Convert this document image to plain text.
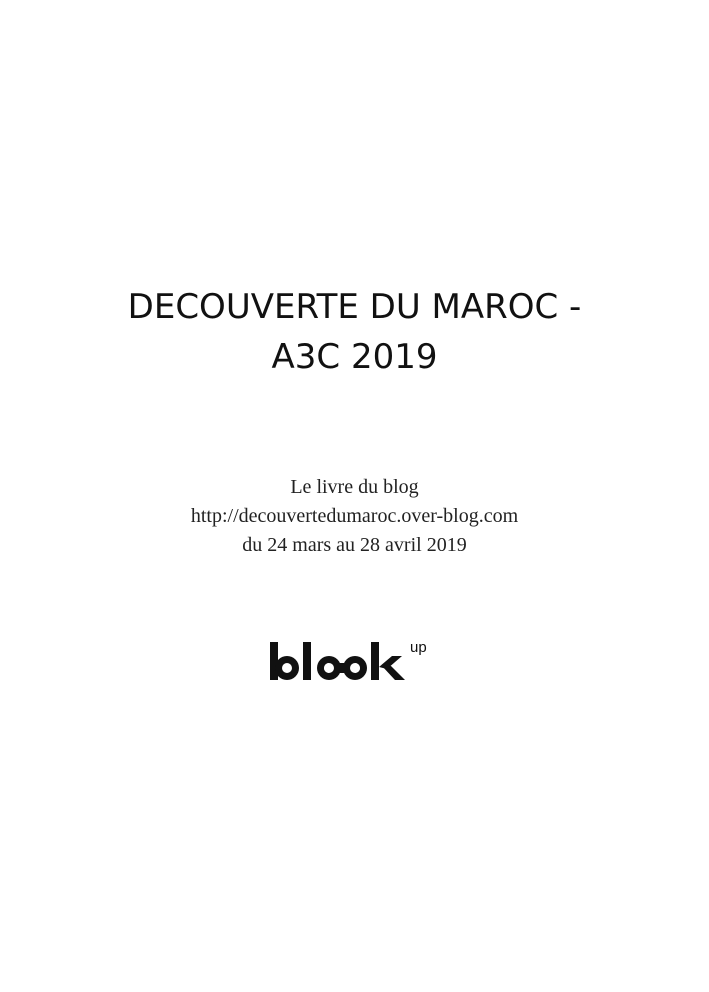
DECOUVERTE DU MAROC -
A3C 2019
Le livre du blog
http://decouvertedumaroc.over-blog.com
du 24 mars au 28 avril 2019
up
